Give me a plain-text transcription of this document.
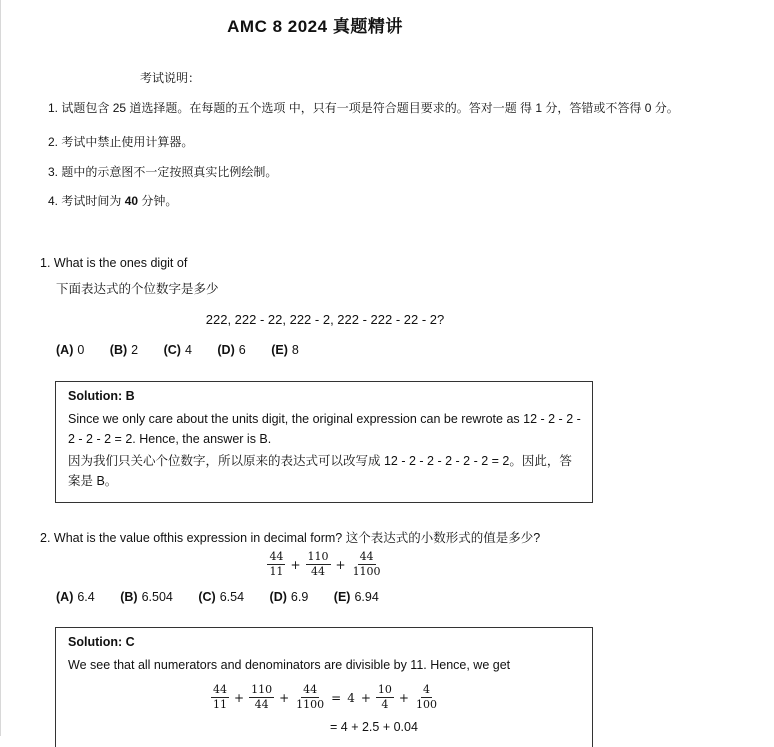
AMC 8 2024 真题精讲
考试说明：
1. 试题包含 25 道选择题。在每题的五个选项 中，只有一项是符合题目要求的。答对一题 得 1 分，答错或不答得 0 分。
2. 考试中禁止使用计算器。
3. 题中的示意图不一定按照真实比例绘制。
4. 考试时间为 40 分钟。
1. What is the ones digit of
下面表达式的个位数字是多少
222, 222 - 22, 222 - 2, 222 - 222 - 22 - 2?
(A) 0 (B) 2 (C) 4 (D) 6 (E) 8
Solution: B

Since we only care about the units digit, the original expression can be rewrote as 12 - 2 - 2 - 2 - 2 - 2 = 2. Hence, the answer is B.

因为我们只关心个位数字，所以原来的表达式可以改写成 12 - 2 - 2 - 2 - 2 - 2 = 2。因此，答案是 B。

2. What is the value ofthis expression in decimal form? 这个表达式的小数形式的值是多少?
$\frac{44}{11} + \frac{110}{44} + \frac{44}{1100}$
(A) 6.4 (B) 6.504 (C) 6.54 (D) 6.9 (E) 6.94
Solution: C

We see that all numerators and denominators are divisible by 11. Hence, we get

$\frac{44}{11} + \frac{110}{44} + \frac{44}{1100} = 4 + \frac{10}{4} + \frac{4}{100}$
= 4 + 2.5 + 0.04
